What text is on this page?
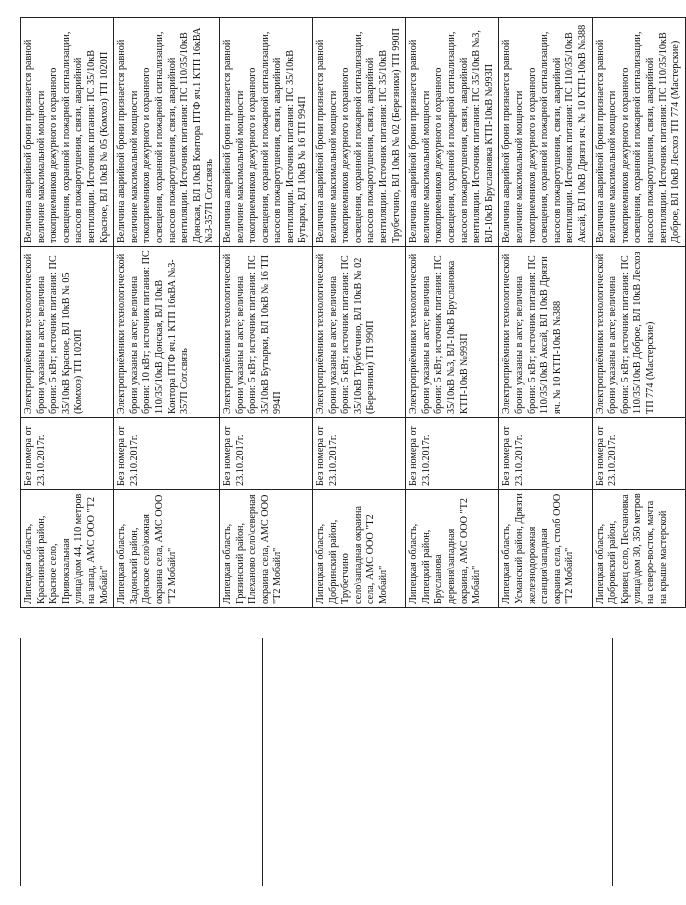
Липецкая область, Краснинский район, Красное село, Привокзальная улица\дом 44, 110 метров на запад, АМС ООО "Т2 Мобайл"	Без номера от 23.10.2017г.	Электроприёмники технологической брони указаны в акте; величина брони: 5 кВт; источник питания: ПС 35/10кВ Красное, ВЛ 10кВ № 05 (Комхоз) ТП 1020П	Величина аварийной брони признается равной величине максимальной мощности токоприемников дежурного и охранного освещения, охранной и пожарной сигнализации, насосов пожаротушения, связи, аварийной вентиляции. Источник питания: ПС 35/10кВ Красное, ВЛ 10кВ № 05 (Комхоз) ТП 1020П
Липецкая область, Задонский район, Донское село\южная окраина села, АМС ООО "Т2 Мобайл"	Без номера от 23.10.2017г.	Электроприёмники технологической брони указаны в акте; величина брони: 10 кВт; источник питания: ПС 110/35/10кВ Донская, ВЛ 10кВ Контора ПТФ яч.1 КТП 16кВА №3-357П Сот.связь	Величина аварийной брони признается равной величине максимальной мощности токоприемников дежурного и охранного освещения, охранной и пожарной сигнализации, насосов пожаротушения, связи, аварийной вентиляции. Источник питания: ПС 110/35/10кВ Донская, ВЛ 10кВ Контора ПТФ яч.1 КТП 16кВА №3-357П Сот.связь
Липецкая область, Грязинский район, Плеханово село\северная окраина села, АМС ООО "Т2 Мобайл"	Без номера от 23.10.2017г.	Электроприёмники технологической брони указаны в акте; величина брони: 5 кВт; источник питания: ПС 35/10кВ Бутырки, ВЛ 10кВ № 16 ТП 994П	Величина аварийной брони признается равной величине максимальной мощности токоприемников дежурного и охранного освещения, охранной и пожарной сигнализации, насосов пожаротушения, связи, аварийной вентиляции. Источник питания: ПС 35/10кВ Бутырки, ВЛ 10кВ № 16 ТП 994П
Липецкая область, Добринский район, Трубетчино село\западная окраина села, АМС ООО "Т2 Мобайл"	Без номера от 23.10.2017г.	Электроприёмники технологической брони указаны в акте; величина брони: 5 кВт; источник питания: ПС 35/10кВ Трубетчино, ВЛ 10кВ № 02 (Березники) ТП 990П	Величина аварийной брони признается равной величине максимальной мощности токоприемников дежурного и охранного освещения, охранной и пожарной сигнализации, насосов пожаротушения, связи, аварийной вентиляции. Источник питания: ПС 35/10кВ Трубетчино, ВЛ 10кВ № 02 (Березники) ТП 990П
Липецкая область, Липецкий район, Брусланова деревня\западная окраина, АМС ООО "Т2 Мобайл"	Без номера от 23.10.2017г.	Электроприёмники технологической брони указаны в акте; величина брони: 5 кВт; источник питания: ПС 35/10кВ №3, ВЛ-10кВ Бруслановка КТП-10кВ №993П	Величина аварийной брони признается равной величине максимальной мощности токоприемников дежурного и охранного освещения, охранной и пожарной сигнализации, насосов пожаротушения, связи, аварийной вентиляции. Источник питания: ПС 35/10кВ №3, ВЛ-10кВ Бруслановка КТП-10кВ №993П
Липецкая область, Усманский район, Дрязги железнодорожная станция\западная окраина села, столб ООО "Т2 Мобайл"	Без номера от 23.10.2017г.	Электроприёмники технологической брони указаны в акте; величина брони: 5 кВт; источник питания: ПС 110/35/10кВ Аксай, ВЛ 10кВ Дрязги яч. № 10 КТП-10кВ №388	Величина аварийной брони признается равной величине максимальной мощности токоприемников дежурного и охранного освещения, охранной и пожарной сигнализации, насосов пожаротушения, связи, аварийной вентиляции. Источник питания: ПС 110/35/10кВ Аксай, ВЛ 10кВ Дрязги яч. № 10 КТП-10кВ №388
Липецкая область, Добровский район, Кривец село, Песчановка улица\дом 30, 350 метров на северо-восток, мачта на крыше мастерской	Без номера от 23.10.2017г.	Электроприёмники технологической брони указаны в акте; величина брони: 5 кВт; источник питания: ПС 110/35/10кВ Доброе, ВЛ 10кВ Лесхоз ТП 774 (Мастерские)	Величина аварийной брони признается равной величине максимальной мощности токоприемников дежурного и охранного освещения, охранной и пожарной сигнализации, насосов пожаротушения, связи, аварийной вентиляции. Источник питания: ПС 110/35/10кВ Доброе, ВЛ 10кВ Лесхоз ТП 774 (Мастерские)
